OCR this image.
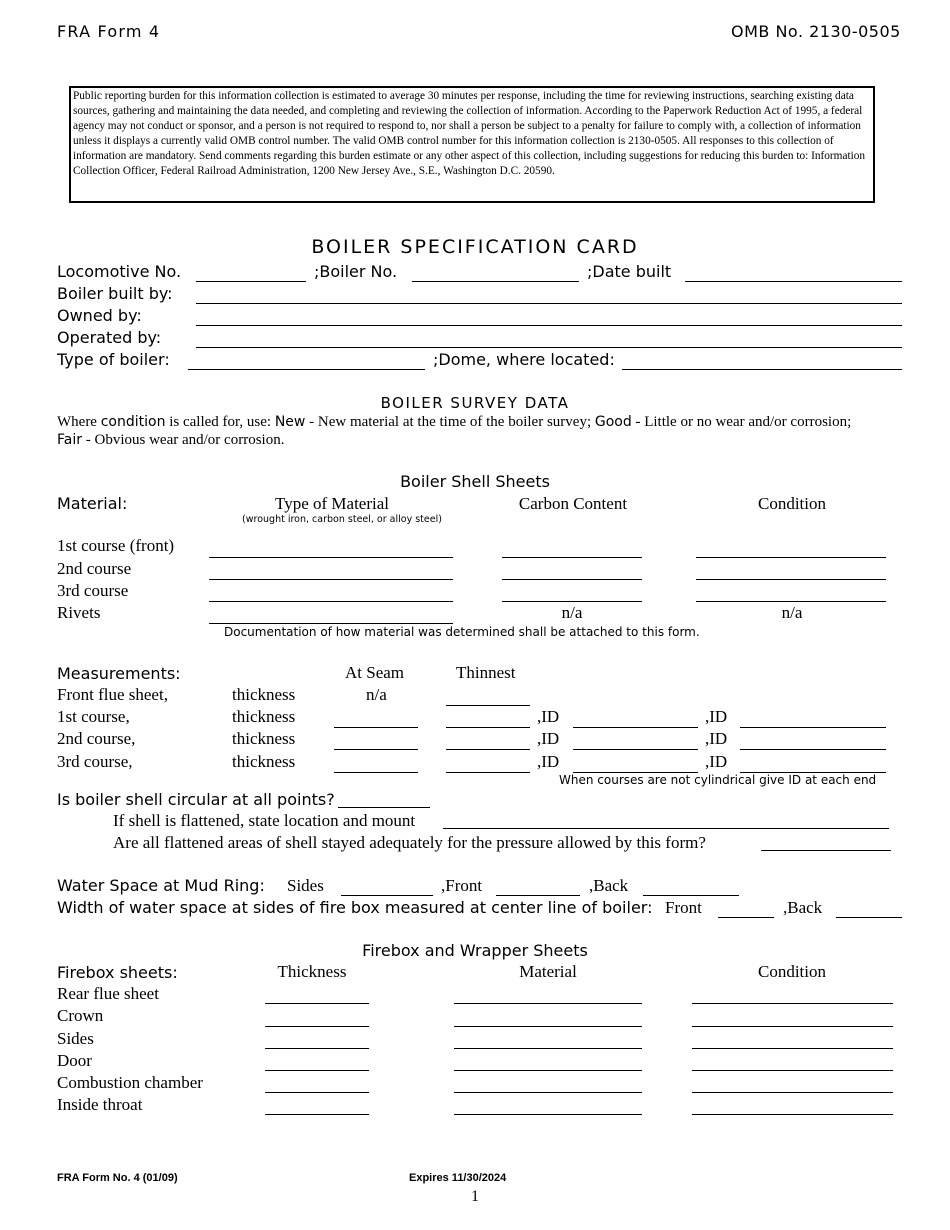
FRA Form 4	OMB No. 2130-0505
Public reporting burden for this information collection is estimated to average 30 minutes per response, including the time for reviewing instructions, searching existing data sources, gathering and maintaining the data needed, and completing and reviewing the collection of information. According to the Paperwork Reduction Act of 1995, a federal agency may not conduct or sponsor, and a person is not required to respond to, nor shall a person be subject to a penalty for failure to comply with, a collection of information unless it displays a currently valid OMB control number. The valid OMB control number for this information collection is 2130-0505. All responses to this collection of information are mandatory. Send comments regarding this burden estimate or any other aspect of this collection, including suggestions for reducing this burden to: Information Collection Officer, Federal Railroad Administration, 1200 New Jersey Ave., S.E., Washington D.C. 20590.
BOILER SPECIFICATION CARD
Locomotive No.	;Boiler No.	;Date built
Boiler built by:
Owned by:
Operated by:
Type of boiler:	;Dome, where located:
BOILER SURVEY DATA
Where condition is called for, use: New - New material at the time of the boiler survey; Good - Little or no wear and/or corrosion;
Fair - Obvious wear and/or corrosion.
Boiler Shell Sheets
Material:	Type of Material
(wrought iron, carbon steel, or alloy steel)
Carbon Content	Condition
1st course (front)
2nd course
3rd course
Rivets	n/a	n/a
Documentation of how material was determined shall be attached to this form.
Measurements:	At Seam	Thinnest
Front flue sheet,	thickness	n/a
1st course,	thickness	,ID	,ID
2nd course,	thickness	,ID	,ID
3rd course,	thickness	,ID	,ID
When courses are not cylindrical give ID at each end
Is boiler shell circular at all points?
If shell is flattened, state location and mount
Are all flattened areas of shell stayed adequately for the pressure allowed by this form?
Water Space at Mud Ring: Sides	,Front	,Back
Width of water space at sides of fire box measured at center line of boiler: Front	,Back
Firebox and Wrapper Sheets
Firebox sheets:	Thickness	Material	Condition
Rear flue sheet
Crown
Sides
Door
Combustion chamber
Inside throat
FRA Form No. 4 (01/09)	Expires 11/30/2024
1
